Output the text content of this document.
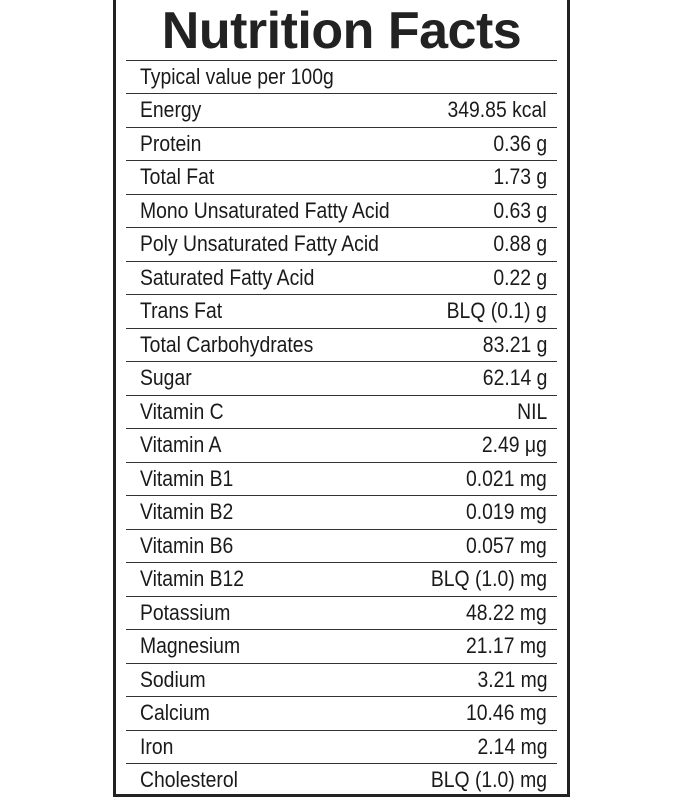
Nutrition Facts
Typical value per 100g
Energy	349.85 kcal
Protein	0.36 g
Total Fat	1.73 g
Mono Unsaturated Fatty Acid	0.63 g
Poly Unsaturated Fatty Acid	0.88 g
Saturated Fatty Acid	0.22 g
Trans Fat	BLQ (0.1) g
Total Carbohydrates	83.21 g
Sugar	62.14 g
Vitamin C	NIL
Vitamin A	2.49 μg
Vitamin B1	0.021 mg
Vitamin B2	0.019 mg
Vitamin B6	0.057 mg
Vitamin B12	BLQ (1.0) mg
Potassium	48.22 mg
Magnesium	21.17 mg
Sodium	3.21 mg
Calcium	10.46 mg
Iron	2.14 mg
Cholesterol	BLQ (1.0) mg
